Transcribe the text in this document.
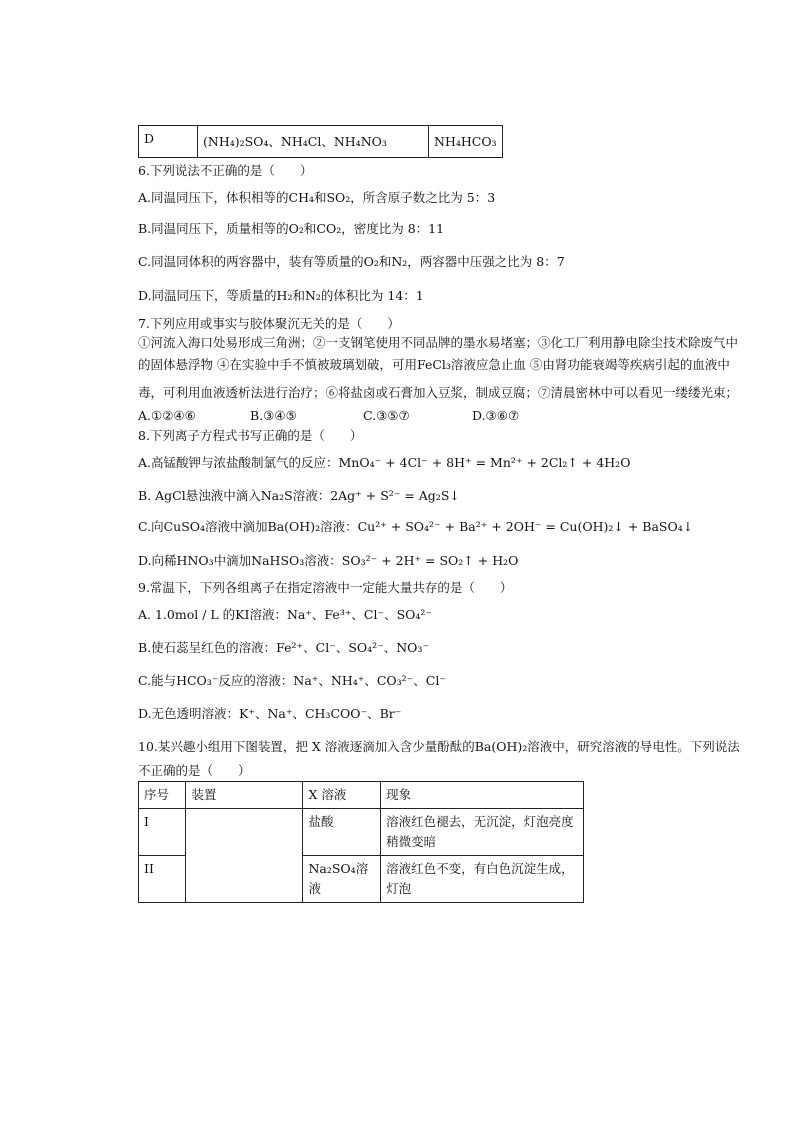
D	(NH₄)₂SO₄、NH₄Cl、NH₄NO₃	NH₄HCO₃
6.下列说法不正确的是（　　）
A.同温同压下，体积相等的CH₄和SO₂，所含原子数之比为 5：3
B.同温同压下，质量相等的O₂和CO₂，密度比为 8：11
C.同温同体积的两容器中，装有等质量的O₂和N₂，两容器中压强之比为 8：7
D.同温同压下，等质量的H₂和N₂的体积比为 14：1
7.下列应用或事实与胶体聚沉无关的是（　　）
①河流入海口处易形成三角洲；②一支钢笔使用不同品牌的墨水易堵塞；③化工厂利用静电除尘技术除废气中
的固体悬浮物 ④在实验中手不慎被玻璃划破，可用FeCl₃溶液应急止血 ⑤由肾功能衰竭等疾病引起的血液中
毒，可利用血液透析法进行治疗；⑥将盐卤或石膏加入豆浆，制成豆腐；⑦清晨密林中可以看见一缕缕光束；
A.①②④⑥	B.③④⑤	C.③⑤⑦	D.③⑥⑦
8.下列离子方程式书写正确的是（　　）
A.高锰酸钾与浓盐酸制氯气的反应：MnO₄⁻ + 4Cl⁻ + 8H⁺ = Mn²⁺ + 2Cl₂↑ + 4H₂O
B. AgCl悬浊液中滴入Na₂S溶液：2Ag⁺ + S²⁻ = Ag₂S↓
C.向CuSO₄溶液中滴加Ba(OH)₂溶液：Cu²⁺ + SO₄²⁻ + Ba²⁺ + 2OH⁻ = Cu(OH)₂↓ + BaSO₄↓
D.向稀HNO₃中滴加NaHSO₃溶液：SO₃²⁻ + 2H⁺ = SO₂↑ + H₂O
9.常温下，下列各组离子在指定溶液中一定能大量共存的是（　　）
A. 1.0mol / L 的KI溶液：Na⁺、Fe³⁺、Cl⁻、SO₄²⁻
B.使石蕊呈红色的溶液：Fe²⁺、Cl⁻、SO₄²⁻、NO₃⁻
C.能与HCO₃⁻反应的溶液：Na⁺、NH₄⁺、CO₃²⁻、Cl⁻
D.无色透明溶液：K⁺、Na⁺、CH₃COO⁻、Br⁻
10.某兴趣小组用下图装置，把 X 溶液逐滴加入含少量酚酞的Ba(OH)₂溶液中，研究溶液的导电性。下列说法
不正确的是（　　）
序号	装置	X 溶液	现象
I		盐酸	溶液红色褪去，无沉淀，灯泡亮度稍微变暗
II		Na₂SO₄溶液	溶液红色不变，有白色沉淀生成，灯泡
